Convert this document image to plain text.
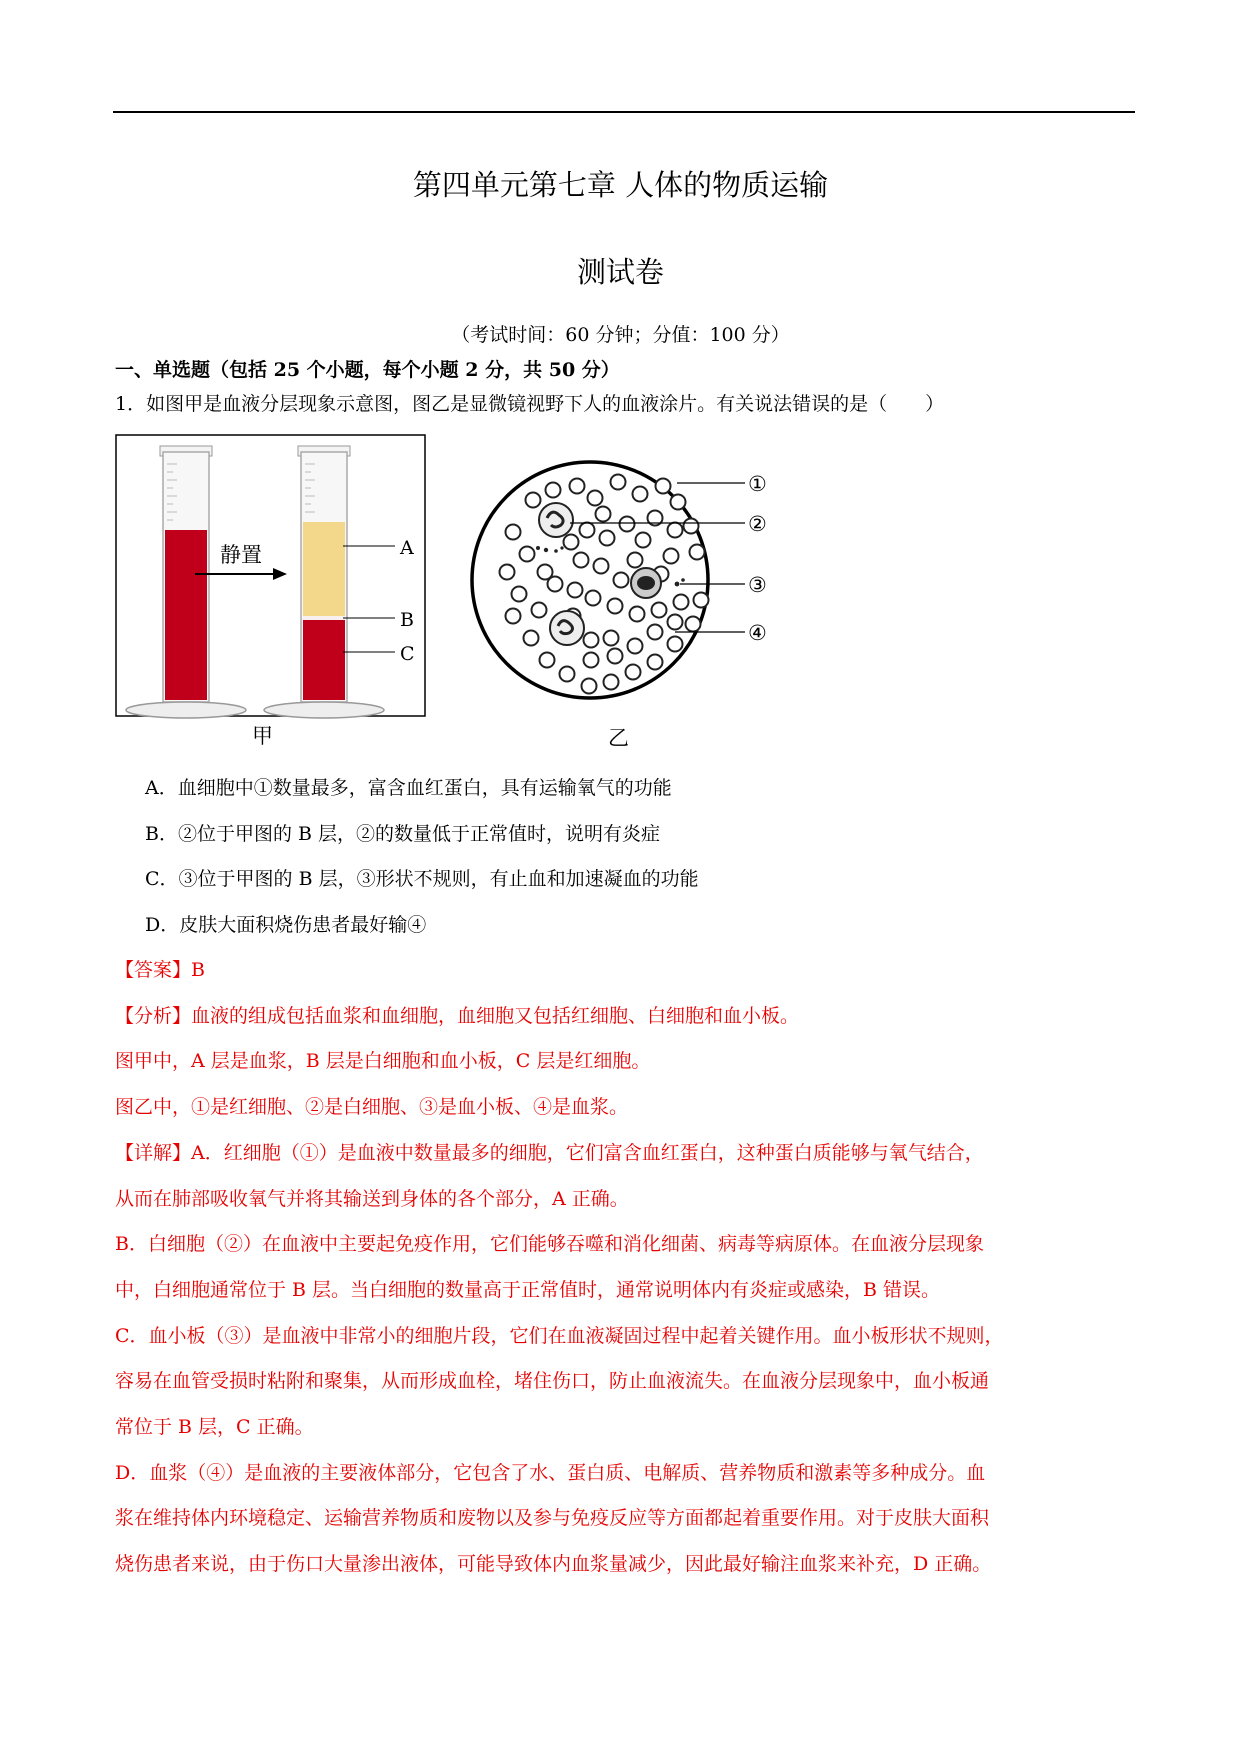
第四单元第七章 人体的物质运输
测试卷
（考试时间：60 分钟；分值：100 分）
一、单选题（包括 25 个小题，每个小题 2 分，共 50 分）
1．如图甲是血液分层现象示意图，图乙是显微镜视野下人的血液涂片。有关说法错误的是（　　）
静置	A
B
C
①
②
③
④
甲	乙
A．血细胞中①数量最多，富含血红蛋白，具有运输氧气的功能
B．②位于甲图的 B 层，②的数量低于正常值时，说明有炎症
C．③位于甲图的 B 层，③形状不规则，有止血和加速凝血的功能
D．皮肤大面积烧伤患者最好输④
【答案】B
【分析】血液的组成包括血浆和血细胞，血细胞又包括红细胞、白细胞和血小板。
图甲中，A 层是血浆，B 层是白细胞和血小板，C 层是红细胞。
图乙中，①是红细胞、②是白细胞、③是血小板、④是血浆。
【详解】A．红细胞（①）是血液中数量最多的细胞，它们富含血红蛋白，这种蛋白质能够与氧气结合，
从而在肺部吸收氧气并将其输送到身体的各个部分，A 正确。
B．白细胞（②）在血液中主要起免疫作用，它们能够吞噬和消化细菌、病毒等病原体。在血液分层现象
中，白细胞通常位于 B 层。当白细胞的数量高于正常值时，通常说明体内有炎症或感染，B 错误。
C．血小板（③）是血液中非常小的细胞片段，它们在血液凝固过程中起着关键作用。血小板形状不规则，
容易在血管受损时粘附和聚集，从而形成血栓，堵住伤口，防止血液流失。在血液分层现象中，血小板通
常位于 B 层，C 正确。
D．血浆（④）是血液的主要液体部分，它包含了水、蛋白质、电解质、营养物质和激素等多种成分。血
浆在维持体内环境稳定、运输营养物质和废物以及参与免疫反应等方面都起着重要作用。对于皮肤大面积
烧伤患者来说，由于伤口大量渗出液体，可能导致体内血浆量减少，因此最好输注血浆来补充，D 正确。
